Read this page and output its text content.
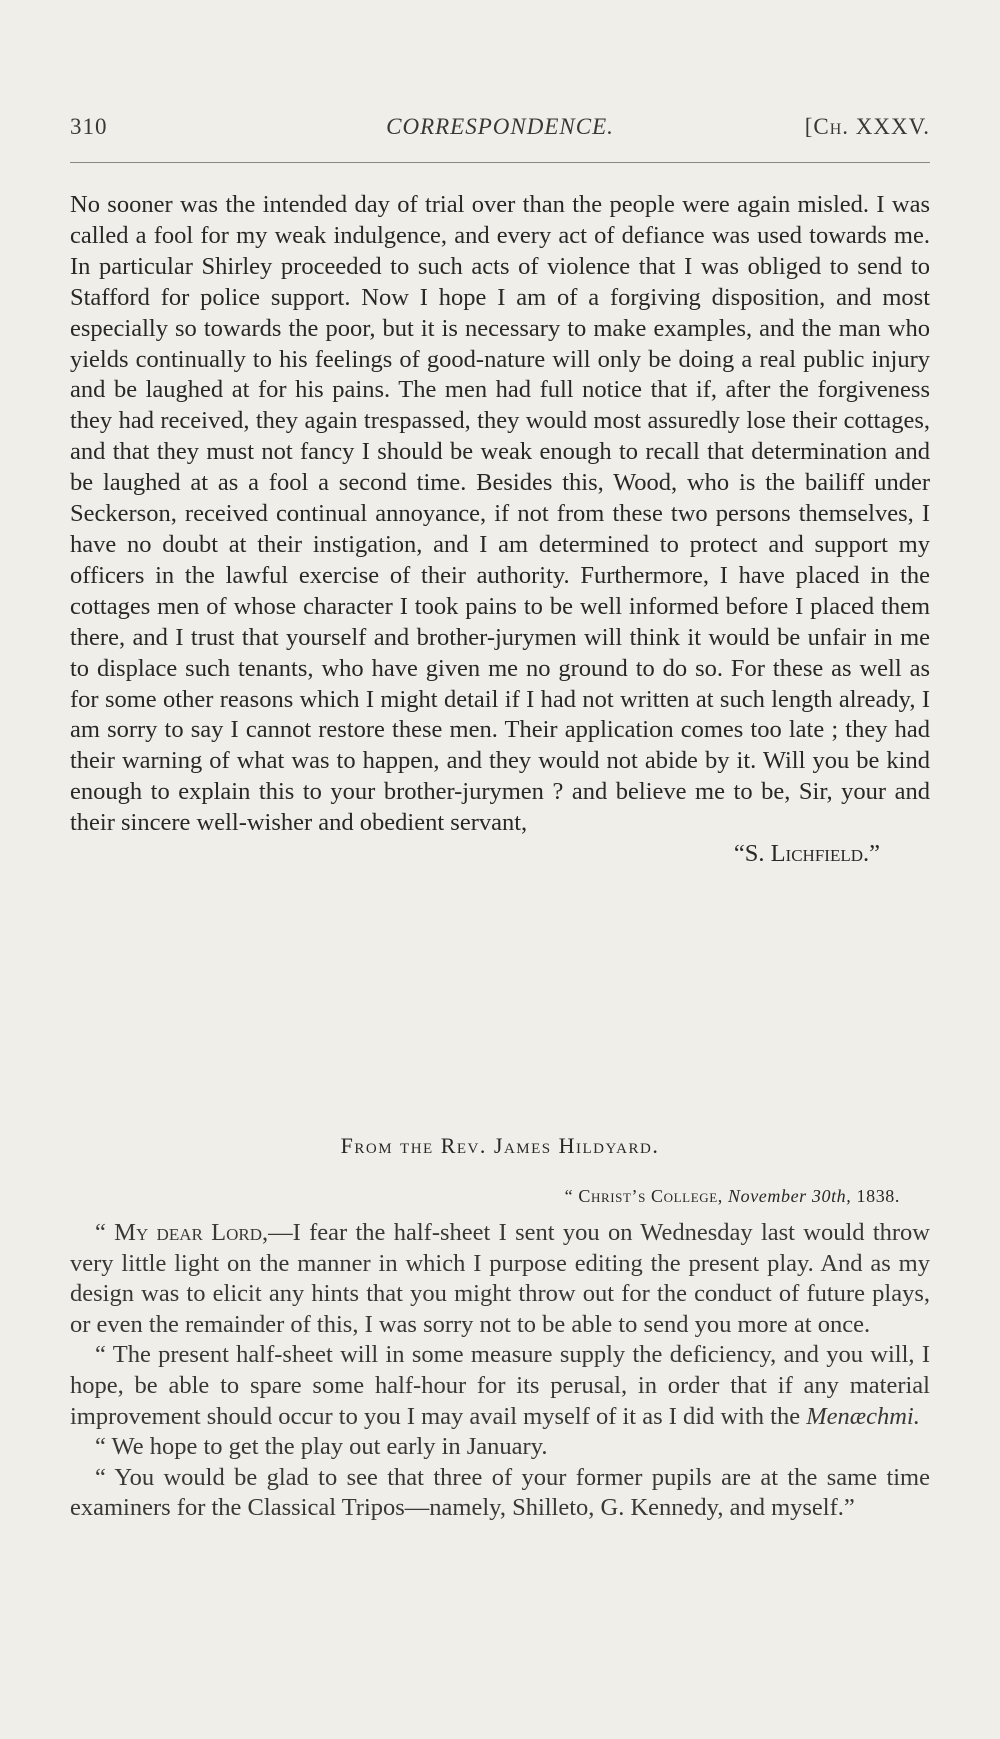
310	CORRESPONDENCE.	[Ch. XXXV.

No sooner was the intended day of trial over than the people were again misled. I was called a fool for my weak indulgence, and every act of defiance was used towards me. In particular Shirley proceeded to such acts of violence that I was obliged to send to Stafford for police support. Now I hope I am of a forgiving disposition, and most especially so towards the poor, but it is necessary to make examples, and the man who yields continually to his feelings of good-nature will only be doing a real public injury and be laughed at for his pains. The men had full notice that if, after the forgiveness they had received, they again trespassed, they would most assuredly lose their cottages, and that they must not fancy I should be weak enough to recall that determination and be laughed at as a fool a second time. Besides this, Wood, who is the bailiff under Seckerson, received continual annoyance, if not from these two persons themselves, I have no doubt at their instigation, and I am determined to protect and support my officers in the lawful exercise of their authority. Furthermore, I have placed in the cottages men of whose character I took pains to be well informed before I placed them there, and I trust that yourself and brother-jurymen will think it would be unfair in me to displace such tenants, who have given me no ground to do so. For these as well as for some other reasons which I might detail if I had not written at such length already, I am sorry to say I cannot restore these men. Their application comes too late ; they had their warning of what was to happen, and they would not abide by it. Will you be kind enough to explain this to your brother-jurymen ? and believe me to be, Sir, your and their sincere well-wisher and obedient servant,

“S. Lichfield.”

From the Rev. James Hildyard.
“ Christ’s College, November 30th, 1838.

“ My dear Lord,—I fear the half-sheet I sent you on Wednesday last would throw very little light on the manner in which I purpose editing the present play. And as my design was to elicit any hints that you might throw out for the conduct of future plays, or even the remainder of this, I was sorry not to be able to send you more at once.

“ The present half-sheet will in some measure supply the deficiency, and you will, I hope, be able to spare some half-hour for its perusal, in order that if any material improvement should occur to you I may avail myself of it as I did with the Menæchmi.

“ We hope to get the play out early in January.

“ You would be glad to see that three of your former pupils are at the same time examiners for the Classical Tripos—namely, Shilleto, G. Kennedy, and myself.”
